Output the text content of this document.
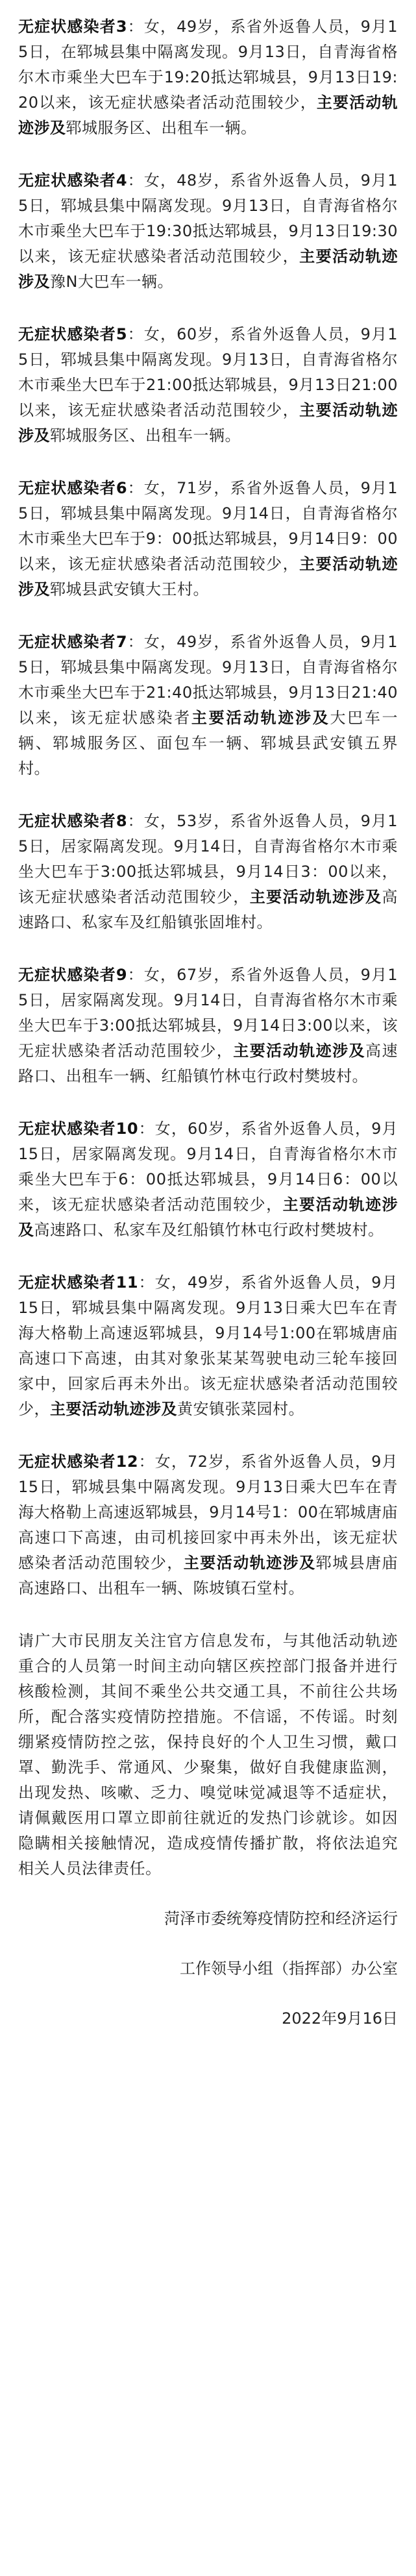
无症状感染者3：女，49岁，系省外返鲁人员，9月15日，在郓城县集中隔离发现。9月13日，自青海省格尔木市乘坐大巴车于19:20抵达郓城县，9月13日19:20以来，该无症状感染者活动范围较少，主要活动轨迹涉及郓城服务区、出租车一辆。

无症状感染者4：女，48岁，系省外返鲁人员，9月15日，郓城县集中隔离发现。9月13日，自青海省格尔木市乘坐大巴车于19:30抵达郓城县，9月13日19:30以来，该无症状感染者活动范围较少，主要活动轨迹涉及豫N大巴车一辆。

无症状感染者5：女，60岁，系省外返鲁人员，9月15日，郓城县集中隔离发现。9月13日，自青海省格尔木市乘坐大巴车于21:00抵达郓城县，9月13日21:00以来，该无症状感染者活动范围较少，主要活动轨迹涉及郓城服务区、出租车一辆。

无症状感染者6：女，71岁，系省外返鲁人员，9月15日，郓城县集中隔离发现。9月14日，自青海省格尔木市乘坐大巴车于9：00抵达郓城县，9月14日9：00以来，该无症状感染者活动范围较少，主要活动轨迹涉及郓城县武安镇大王村。

无症状感染者7：女，49岁，系省外返鲁人员，9月15日，郓城县集中隔离发现。9月13日，自青海省格尔木市乘坐大巴车于21:40抵达郓城县，9月13日21:40以来，该无症状感染者主要活动轨迹涉及大巴车一辆、郓城服务区、面包车一辆、郓城县武安镇五界村。

无症状感染者8：女，53岁，系省外返鲁人员，9月15日，居家隔离发现。9月14日，自青海省格尔木市乘坐大巴车于3:00抵达郓城县，9月14日3：00以来，该无症状感染者活动范围较少，主要活动轨迹涉及高速路口、私家车及红船镇张固堆村。

无症状感染者9：女，67岁，系省外返鲁人员，9月15日，居家隔离发现。9月14日，自青海省格尔木市乘坐大巴车于3:00抵达郓城县，9月14日3:00以来，该无症状感染者活动范围较少，主要活动轨迹涉及高速路口、出租车一辆、红船镇竹林屯行政村樊坡村。

无症状感染者10：女，60岁，系省外返鲁人员，9月15日，居家隔离发现。9月14日，自青海省格尔木市乘坐大巴车于6：00抵达郓城县，9月14日6：00以来，该无症状感染者活动范围较少，主要活动轨迹涉及高速路口、私家车及红船镇竹林屯行政村樊坡村。

无症状感染者11：女，49岁，系省外返鲁人员，9月15日，郓城县集中隔离发现。9月13日乘大巴车在青海大格勒上高速返郓城县，9月14号1:00在郓城唐庙高速口下高速，由其对象张某某驾驶电动三轮车接回家中，回家后再未外出。该无症状感染者活动范围较少，主要活动轨迹涉及黄安镇张菜园村。

无症状感染者12：女，72岁，系省外返鲁人员，9月15日，郓城县集中隔离发现。9月13日乘大巴车在青海大格勒上高速返郓城县，9月14号1：00在郓城唐庙高速口下高速，由司机接回家中再未外出，该无症状感染者活动范围较少，主要活动轨迹涉及郓城县唐庙高速路口、出租车一辆、陈坡镇石堂村。

请广大市民朋友关注官方信息发布，与其他活动轨迹重合的人员第一时间主动向辖区疾控部门报备并进行核酸检测，其间不乘坐公共交通工具，不前往公共场所，配合落实疫情防控措施。不信谣，不传谣。时刻绷紧疫情防控之弦，保持良好的个人卫生习惯，戴口罩、勤洗手、常通风、少聚集，做好自我健康监测，出现发热、咳嗽、乏力、嗅觉味觉减退等不适症状，请佩戴医用口罩立即前往就近的发热门诊就诊。如因隐瞒相关接触情况，造成疫情传播扩散，将依法追究相关人员法律责任。

菏泽市委统筹疫情防控和经济运行

工作领导小组（指挥部）办公室

2022年9月16日
